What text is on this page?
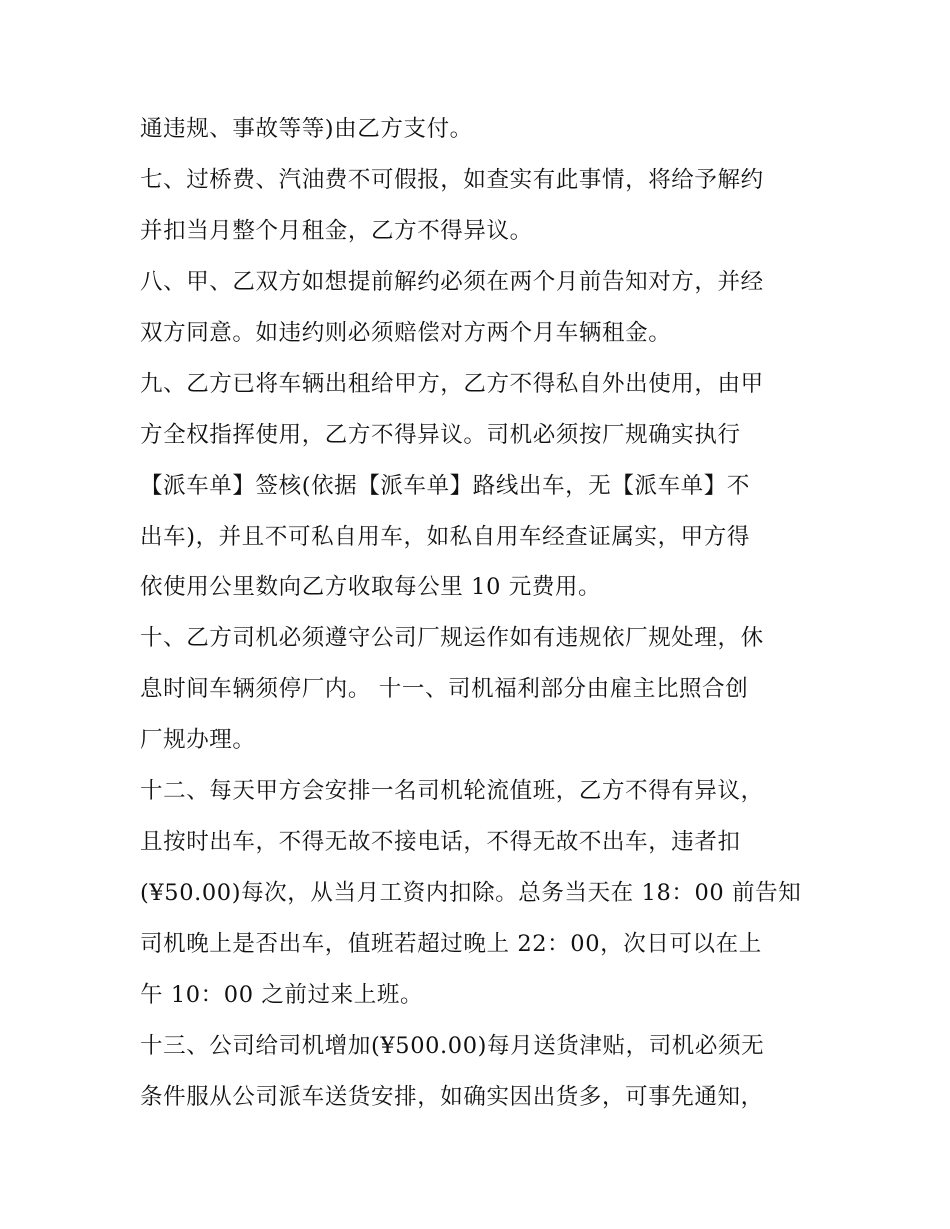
通违规、事故等等)由乙方支付。
七、过桥费、汽油费不可假报，如查实有此事情，将给予解约
并扣当月整个月租金，乙方不得异议。
八、甲、乙双方如想提前解约必须在两个月前告知对方，并经
双方同意。如违约则必须赔偿对方两个月车辆租金。
九、乙方已将车辆出租给甲方，乙方不得私自外出使用，由甲
方全权指挥使用，乙方不得异议。司机必须按厂规确实执行
【派车单】签核(依据【派车单】路线出车，无【派车单】不
出车)，并且不可私自用车，如私自用车经查证属实，甲方得
依使用公里数向乙方收取每公里 10 元费用。
十、乙方司机必须遵守公司厂规运作如有违规依厂规处理，休
息时间车辆须停厂内。 十一、司机福利部分由雇主比照合创
厂规办理。
十二、每天甲方会安排一名司机轮流值班，乙方不得有异议，
且按时出车，不得无故不接电话，不得无故不出车，违者扣
(¥50.00)每次，从当月工资内扣除。总务当天在 18：00 前告知
司机晚上是否出车，值班若超过晚上 22：00，次日可以在上
午 10：00 之前过来上班。
十三、公司给司机增加(¥500.00)每月送货津贴，司机必须无
条件服从公司派车送货安排，如确实因出货多，可事先通知，
